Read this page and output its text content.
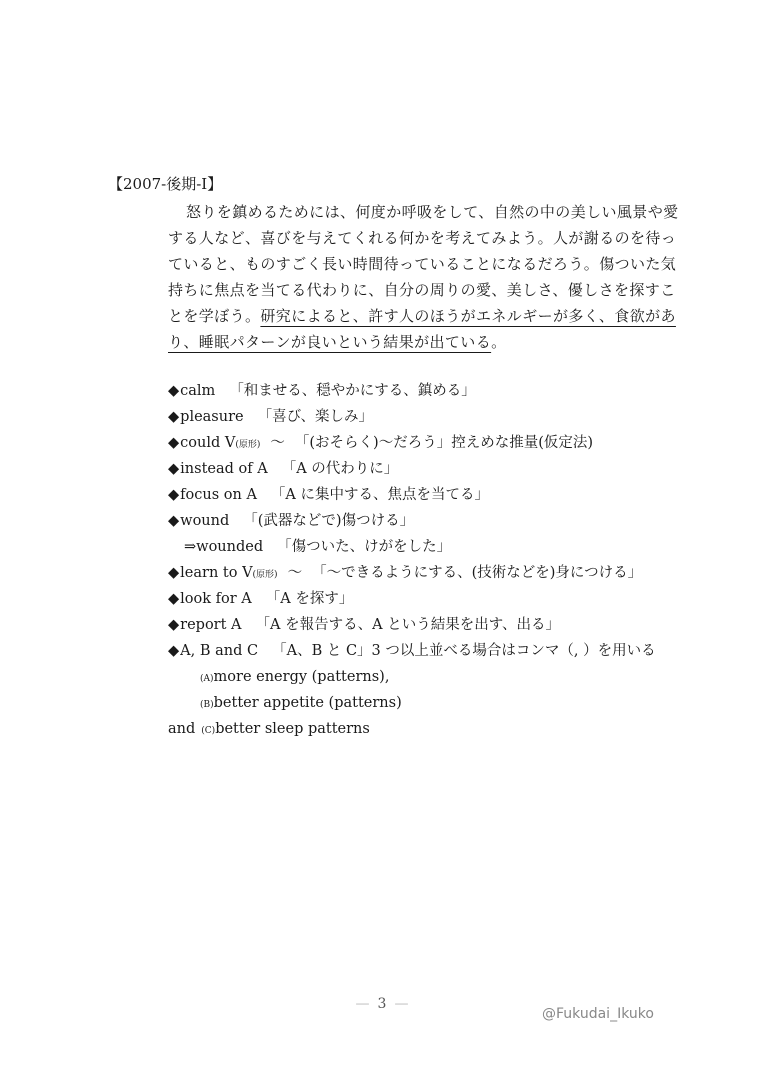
【2007-後期-Ⅰ】
怒りを鎮めるためには、何度か呼吸をして、自然の中の美しい風景や愛する人など、喜びを与えてくれる何かを考えてみよう。人が謝るのを待っていると、ものすごく長い時間待っていることになるだろう。傷ついた気持ちに焦点を当てる代わりに、自分の周りの愛、美しさ、優しさを探すことを学ぼう。研究によると、許す人のほうがエネルギーが多く、食欲があり、睡眠パターンが良いという結果が出ている。
◆calm 「和ませる、穏やかにする、鎮める」
◆pleasure 「喜び、楽しみ」
◆could V(原形) ～ 「(おそらく)～だろう」控えめな推量(仮定法)
◆instead of A 「A の代わりに」
◆focus on A 「A に集中する、焦点を当てる」
◆wound 「(武器などで)傷つける」
⇒wounded 「傷ついた、けがをした」
◆learn to V(原形) ～ 「～できるようにする、(技術などを)身につける」
◆look for A 「A を探す」
◆report A 「A を報告する、A という結果を出す、出る」
◆A, B and C 「A、B と C」3 つ以上並べる場合はコンマ（, ）を用いる
(A)more energy (patterns),
(B)better appetite (patterns)
and (C)better sleep patterns
— 3 —
@Fukudai_Ikuko
